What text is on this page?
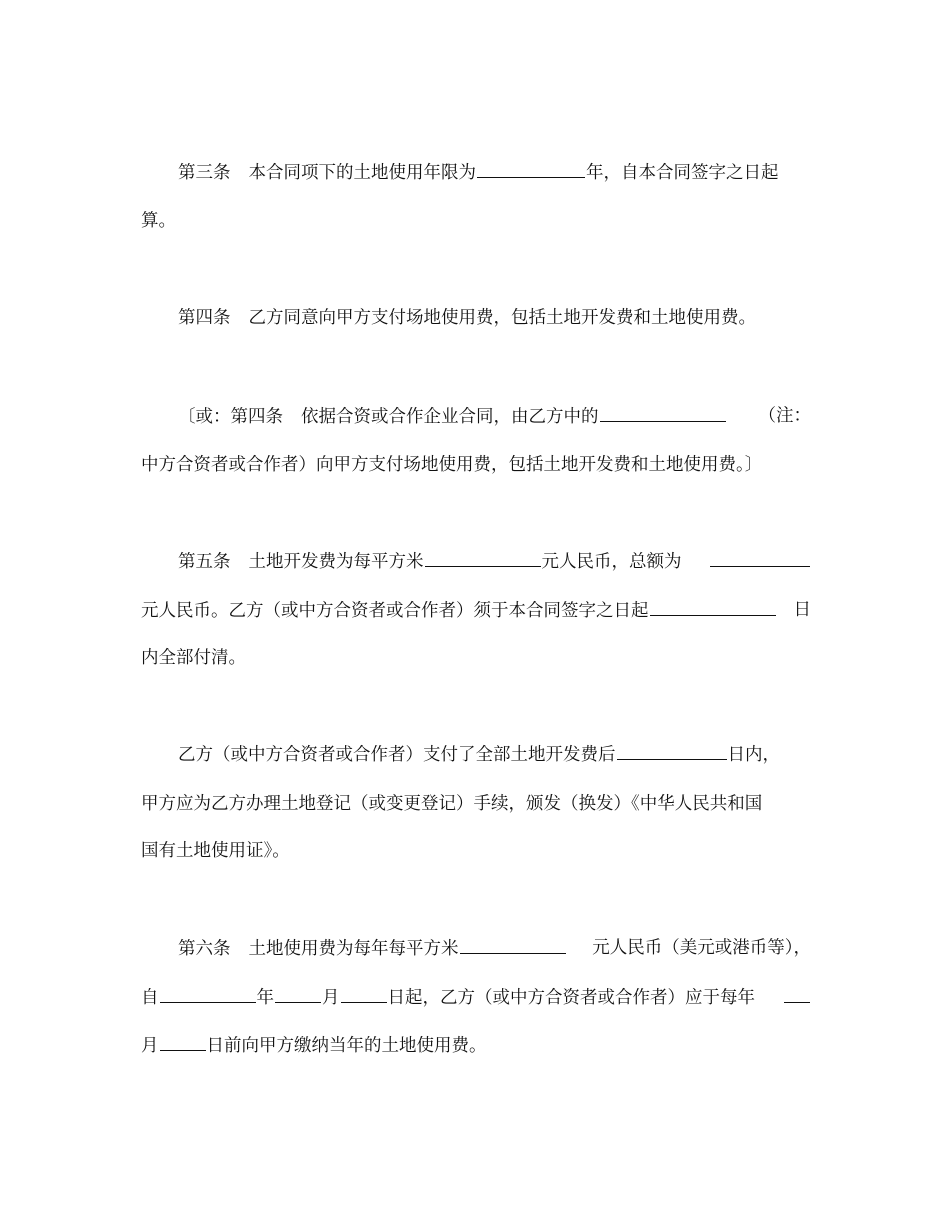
第三条 本合同项下的土地使用年限为	年，自本合同签字之日起
算。
第四条 乙方同意向甲方支付场地使用费，包括土地开发费和土地使用费。
〔或：第四条 依据合资或合作企业合同，由乙方中的	（注：
中方合资者或合作者）向甲方支付场地使用费，包括土地开发费和土地使用费。〕
第五条 土地开发费为每平方米	元人民币，总额为
元人民币。乙方（或中方合资者或合作者）须于本合同签字之日起	日
内全部付清。
乙方（或中方合资者或合作者）支付了全部土地开发费后	日内，
甲方应为乙方办理土地登记（或变更登记）手续，颁发（换发）《中华人民共和国
国有土地使用证》。
第六条 土地使用费为每年每平方米	元人民币（美元或港币等），
自	年	月	日起，乙方（或中方合资者或合作者）应于每年
月	日前向甲方缴纳当年的土地使用费。
